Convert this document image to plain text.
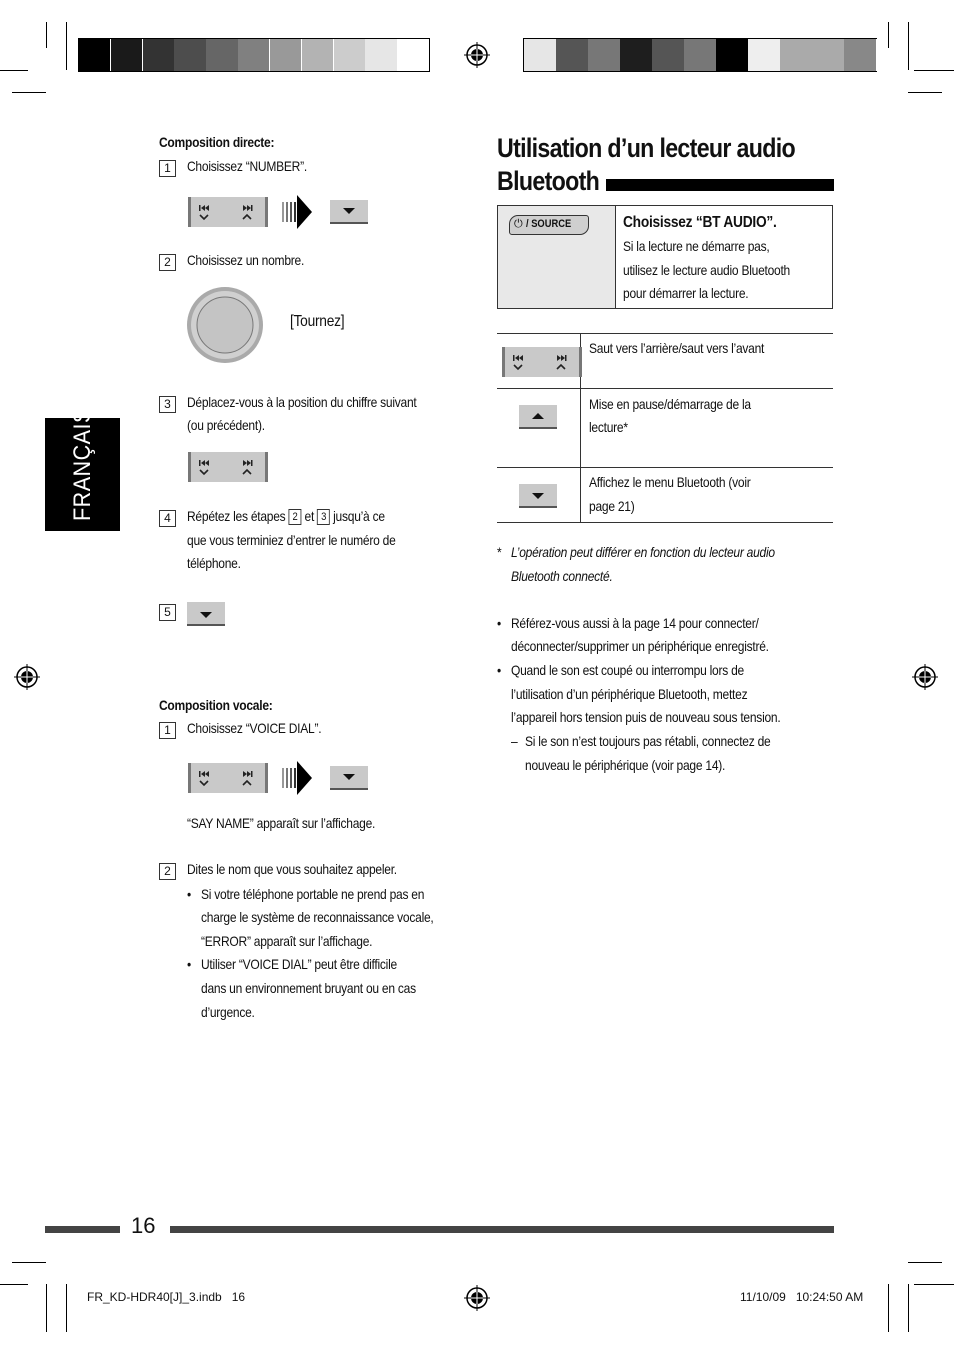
FRANÇAIS
Composition directe:
1	Choisissez “NUMBER”.
2	Choisissez un nombre.
[Tournez]
3	Déplacez-vous à la position du chiffre suivant
(ou précédent).
4	Répétez les étapes 2 et 3 jusqu’à ce
que vous terminiez d’entrer le numéro de
téléphone.
5
Composition vocale:
1	Choisissez “VOICE DIAL”.
“SAY NAME” apparaît sur l’affichage.
2	Dites le nom que vous souhaitez appeler.
• Si votre téléphone portable ne prend pas en
charge le système de reconnaissance vocale,
“ERROR” apparaît sur l’affichage.
• Utiliser “VOICE DIAL” peut être difficile
dans un environnement bruyant ou en cas
d’urgence.
Utilisation d’un lecteur audio
Bluetooth
⏻ / SOURCE	Choisissez “BT AUDIO”.
Si la lecture ne démarre pas,
utilisez le lecture audio Bluetooth
pour démarrer la lecture.
Saut vers l’arrière/saut vers l’avant
Mise en pause/démarrage de la
lecture*
Affichez le menu Bluetooth (voir
page 21)
* L’opération peut différer en fonction du lecteur audio
Bluetooth connecté.
• Référez-vous aussi à la page 14 pour connecter/
déconnecter/supprimer un périphérique enregistré.
• Quand le son est coupé ou interrompu lors de
l’utilisation d’un périphérique Bluetooth, mettez
l’appareil hors tension puis de nouveau sous tension.
– Si le son n’est toujours pas rétabli, connectez de
nouveau le périphérique (voir page 14).
16
FR_KD-HDR40[J]_3.indb   16	11/10/09   10:24:50 AM
